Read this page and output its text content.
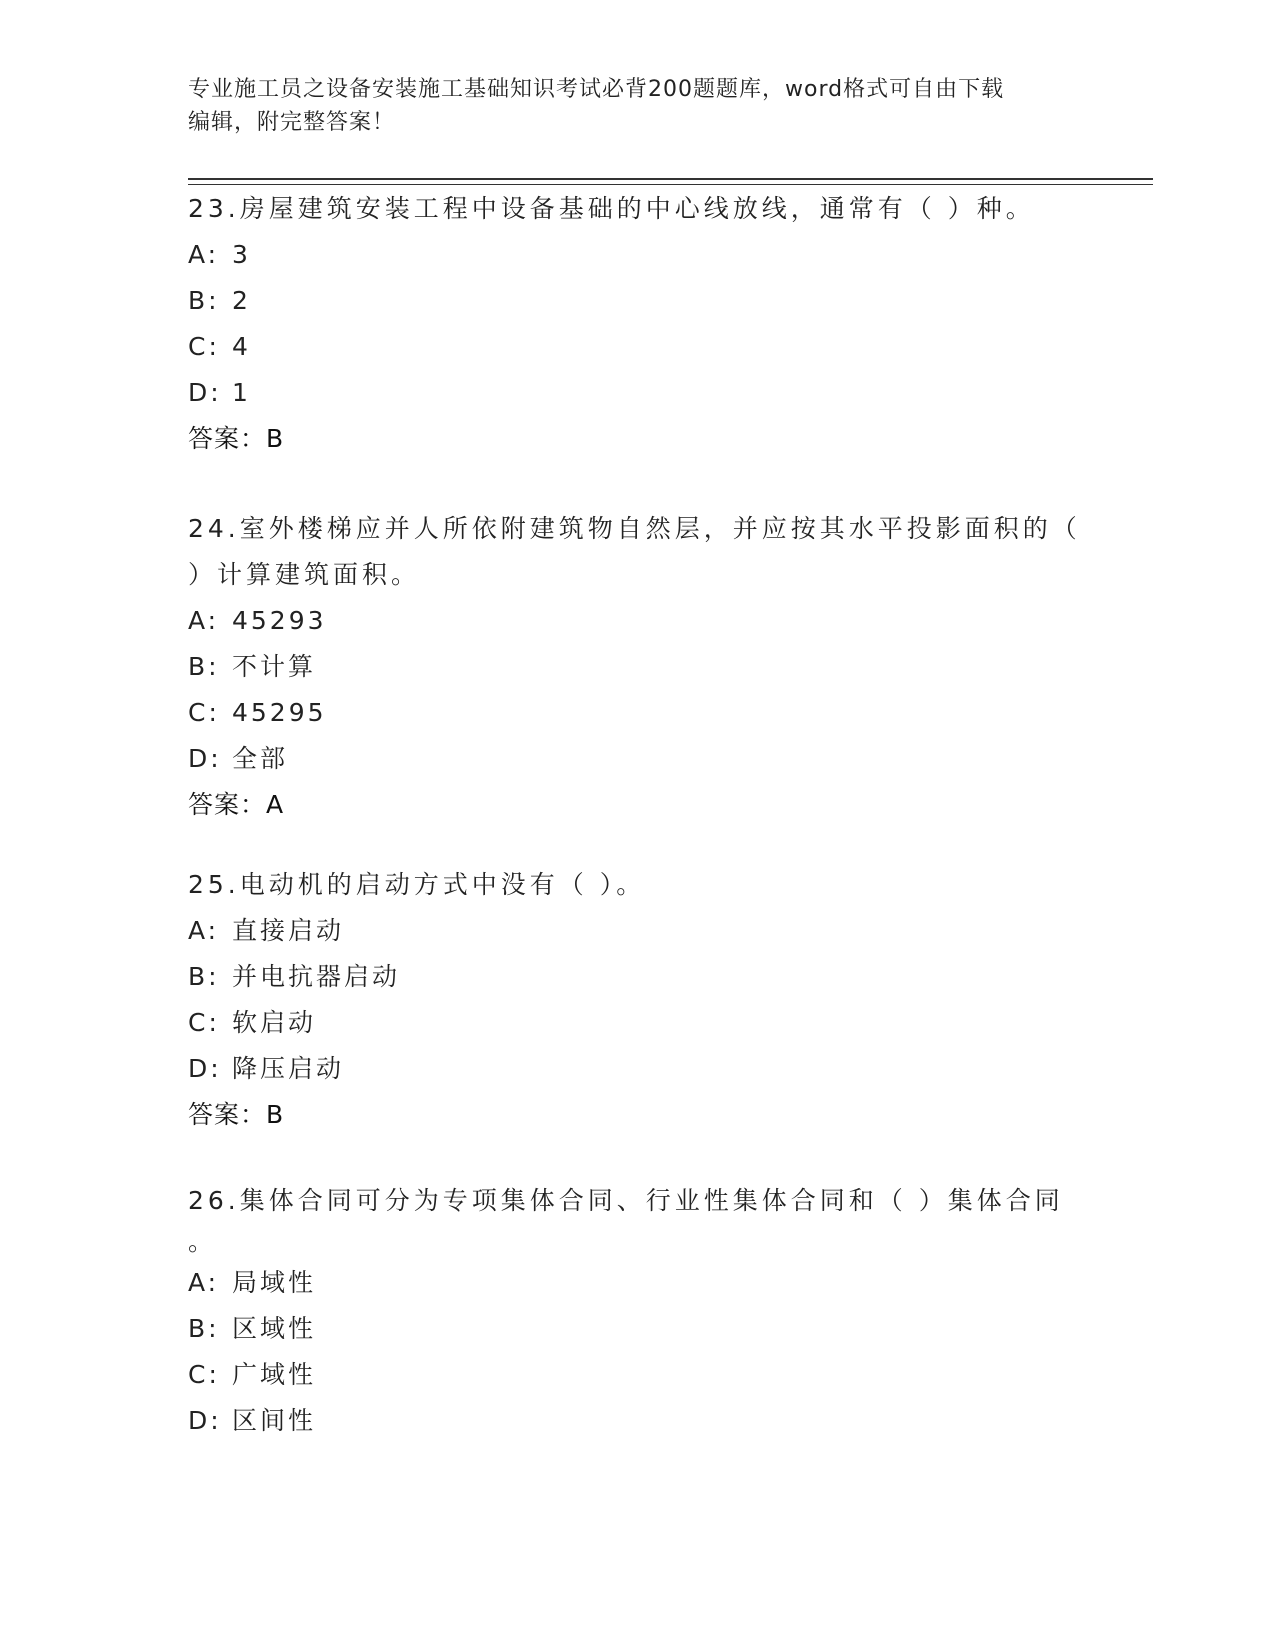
专业施工员之设备安装施工基础知识考试必背200题题库，word格式可自由下载
编辑，附完整答案！
23.房屋建筑安装工程中设备基础的中心线放线，通常有（ ）种。
A: 3
B: 2
C: 4
D: 1
答案：B
24.室外楼梯应并人所依附建筑物自然层，并应按其水平投影面积的（
）计算建筑面积。
A: 45293
B: 不计算
C: 45295
D: 全部
答案：A
25.电动机的启动方式中没有（ ）。
A: 直接启动
B: 并电抗器启动
C: 软启动
D: 降压启动
答案：B
26.集体合同可分为专项集体合同、行业性集体合同和（ ）集体合同
。
A: 局域性
B: 区域性
C: 广域性
D: 区间性
